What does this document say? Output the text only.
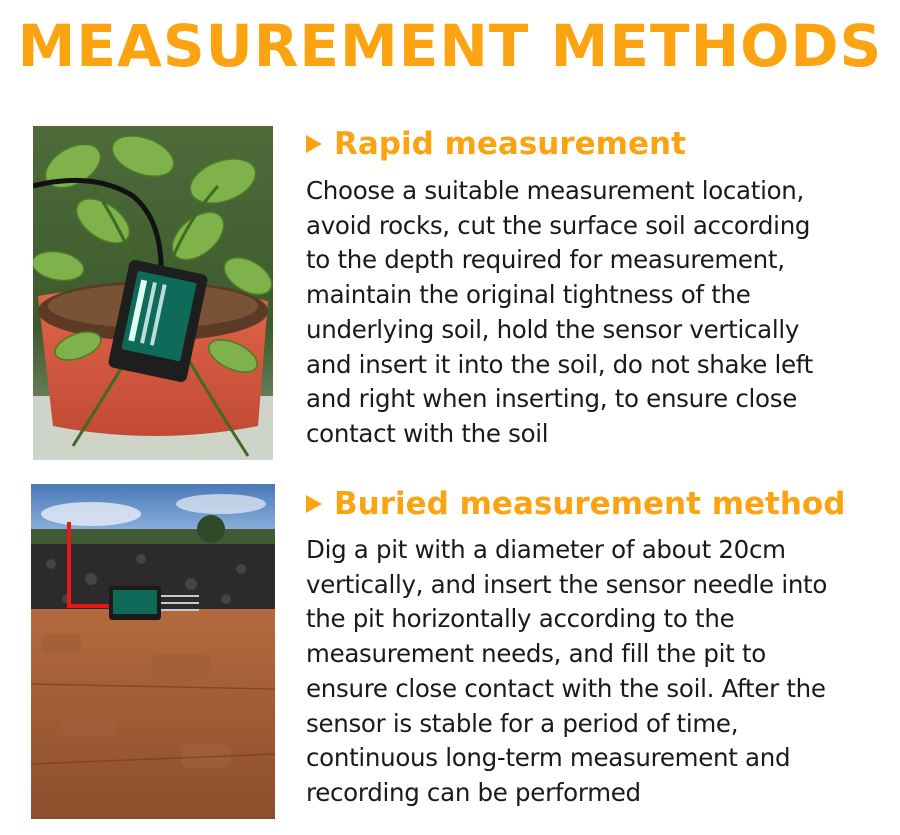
MEASUREMENT METHODS
Rapid measurement
Choose a suitable measurement location,
avoid rocks, cut the surface soil according
to the depth required for measurement,
maintain the original tightness of the
underlying soil, hold the sensor vertically
and insert it into the soil, do not shake left
and right when inserting, to ensure close
contact with the soil
Buried measurement method
Dig a pit with a diameter of about 20cm
vertically, and insert the sensor needle into
the pit horizontally according to the
measurement needs, and fill the pit to
ensure close contact with the soil. After the
sensor is stable for a period of time,
continuous long-term measurement and
recording can be performed
